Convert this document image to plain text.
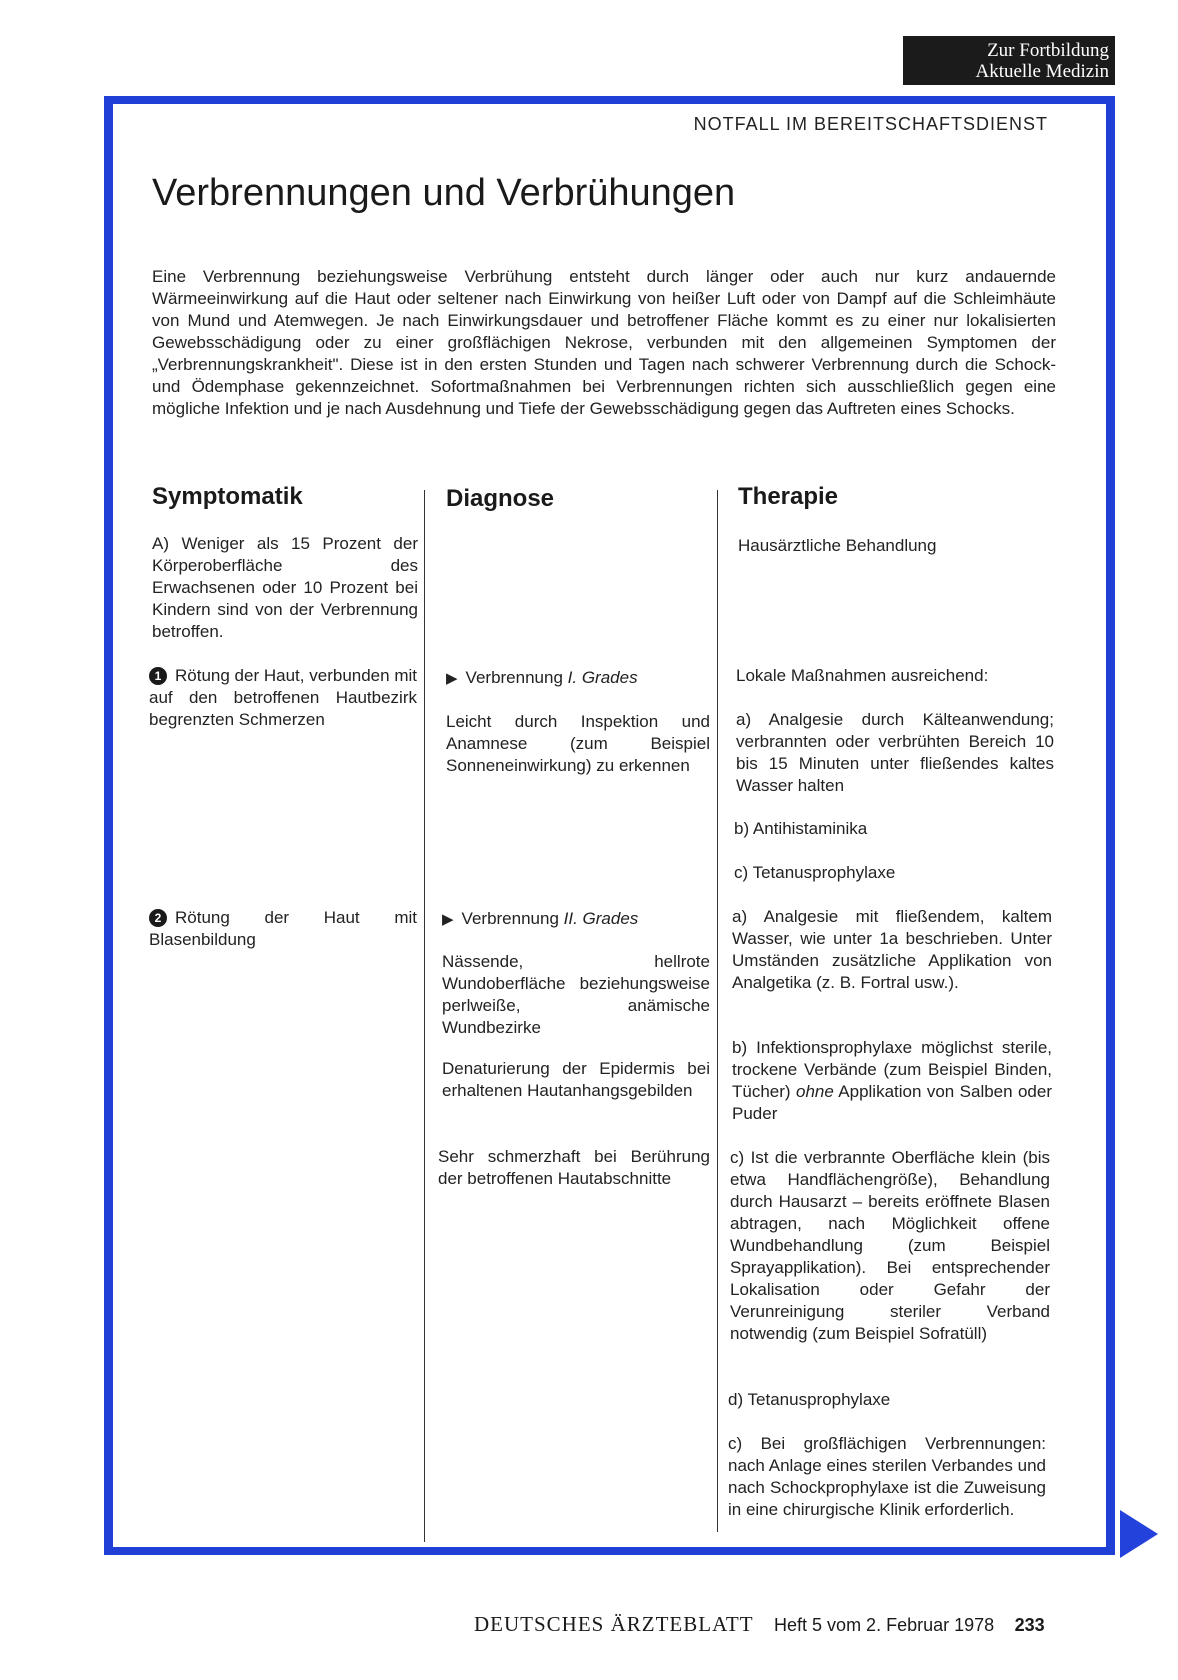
Zur Fortbildung
Aktuelle Medizin
NOTFALL IM BEREITSCHAFTSDIENST
Verbrennungen und Verbrühungen

Eine Verbrennung beziehungsweise Verbrühung entsteht durch länger oder auch nur kurz andauernde Wärmeeinwirkung auf die Haut oder seltener nach Einwirkung von heißer Luft oder von Dampf auf die Schleimhäute von Mund und Atemwegen. Je nach Einwirkungsdauer und betroffener Fläche kommt es zu einer nur lokalisierten Gewebsschädigung oder zu einer großflächigen Nekrose, verbunden mit den allgemeinen Symptomen der „Verbrennungskrankheit". Diese ist in den ersten Stunden und Tagen nach schwerer Verbrennung durch die Schock- und Ödemphase gekennzeichnet. Sofortmaßnahmen bei Verbrennungen richten sich ausschließlich gegen eine mögliche Infektion und je nach Ausdehnung und Tiefe der Gewebsschädigung gegen das Auftreten eines Schocks.

Symptomatik	Diagnose	Therapie

A) Weniger als 15 Prozent der Körperoberfläche des Erwachsenen oder 10 Prozent bei Kindern sind von der Verbrennung betroffen.

1 Rötung der Haut, verbunden mit auf den betroffenen Hautbezirk begrenzten Schmerzen

2 Rötung der Haut mit Blasenbildung

▶ Verbrennung I. Grades

Leicht durch Inspektion und Anamnese (zum Beispiel Sonneneinwirkung) zu erkennen

▶ Verbrennung II. Grades

Nässende, hellrote Wundoberfläche beziehungsweise perlweiße, anämische Wundbezirke

Denaturierung der Epidermis bei erhaltenen Hautanhangsgebilden

Sehr schmerzhaft bei Berührung der betroffenen Hautabschnitte

Hausärztliche Behandlung

Lokale Maßnahmen ausreichend:

a) Analgesie durch Kälteanwendung; verbrannten oder verbrühten Bereich 10 bis 15 Minuten unter fließendes kaltes Wasser halten

b) Antihistaminika

c) Tetanusprophylaxe

a) Analgesie mit fließendem, kaltem Wasser, wie unter 1a beschrieben. Unter Umständen zusätzliche Applikation von Analgetika (z. B. Fortral usw.).

b) Infektionsprophylaxe möglichst sterile, trockene Verbände (zum Beispiel Binden, Tücher) ohne Applikation von Salben oder Puder

c) Ist die verbrannte Oberfläche klein (bis etwa Handflächengröße), Behandlung durch Hausarzt – bereits eröffnete Blasen abtragen, nach Möglichkeit offene Wundbehandlung (zum Beispiel Sprayapplikation). Bei entsprechender Lokalisation oder Gefahr der Verunreinigung steriler Verband notwendig (zum Beispiel Sofratüll)

d) Tetanusprophylaxe

c) Bei großflächigen Verbrennungen: nach Anlage eines sterilen Verbandes und nach Schockprophylaxe ist die Zuweisung in eine chirurgische Klinik erforderlich.

DEUTSCHES ÄRZTEBLATT Heft 5 vom 2. Februar 1978 233
